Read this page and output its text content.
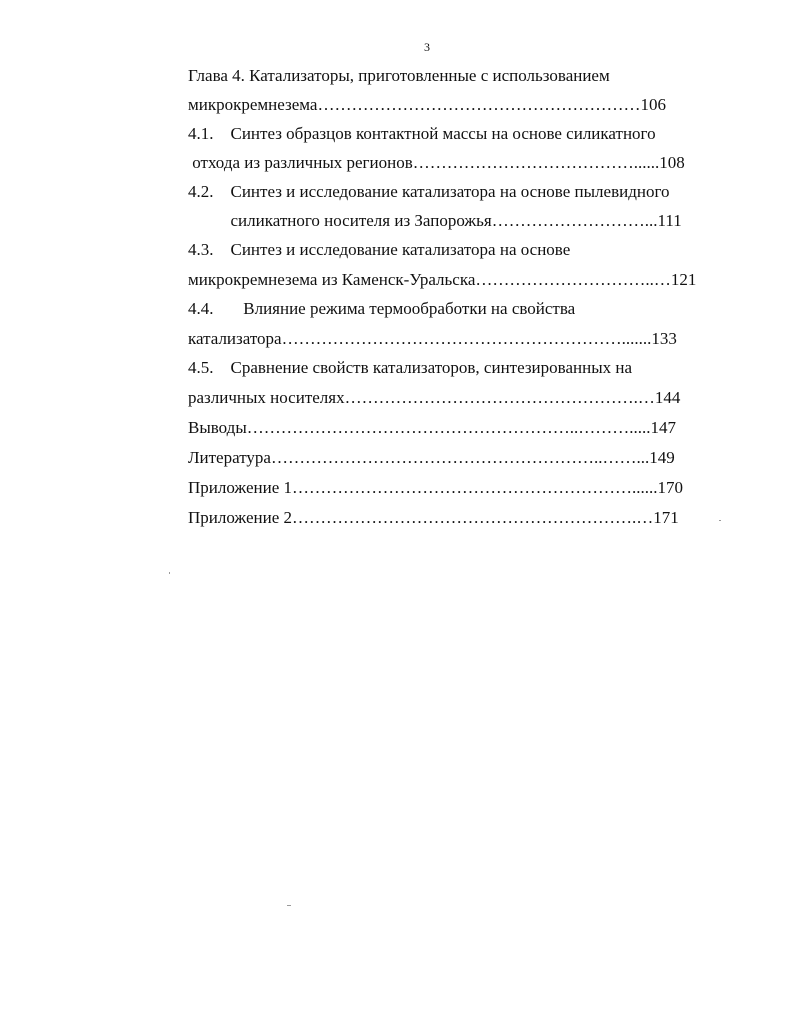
3
Глава 4. Катализаторы, приготовленные с использованием
микрокремнезема…………………………………………………106
4.1.    Синтез образцов контактной массы на основе силикатного
отхода из различных регионов…………………………………......108
4.2.    Синтез и исследование катализатора на основе пылевидного
силикатного носителя из Запорожья………………………...111
4.3.    Синтез и исследование катализатора на основе
микрокремнезема из Каменск-Уральска…………………………..…121
4.4.       Влияние режима термообработки на свойства
катализатора…………………………………………………….......133
4.5.    Сравнение свойств катализаторов, синтезированных на
различных носителях…………………………………………….…144
Выводы…………………………………………………..……….....147
Литература…………………………………………………..……...149
Приложение 1……………………………………………………......170
Приложение 2…………………………………………………….…171
